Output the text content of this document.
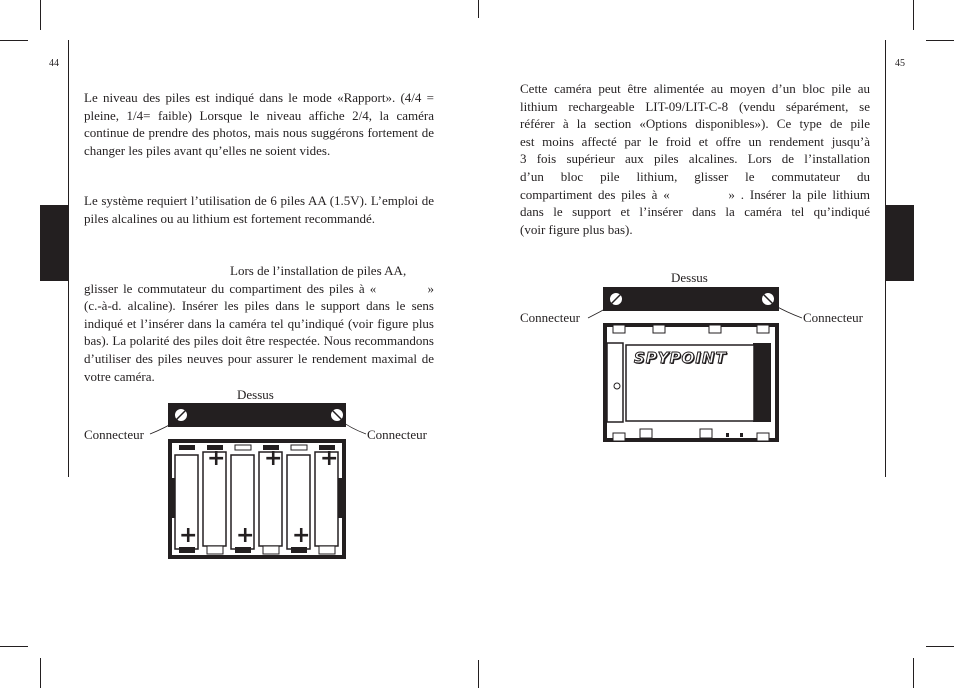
44	45

Le niveau des piles est indiqué dans le mode «Rapport». (4/4 = pleine, 1/4= faible) Lorsque le niveau affiche 2/4, la caméra continue de prendre des photos, mais nous suggérons fortement de changer les piles avant qu’elles ne soient vides.

Le système requiert l’utilisation de 6 piles AA (1.5V). L’emploi de piles alcalines ou au lithium est fortement recommandé.

Lors de l’installation de piles AA,

glisser le commutateur du compartiment des piles à «          »

(c.-à-d. alcaline). Insérer les piles dans le support dans le sens indiqué et l’insérer dans la caméra tel qu’indiqué (voir figure plus bas). La polarité des piles doit être respectée. Nous recommandons d’utiliser des piles neuves pour assurer le rendement maximal de votre caméra.

Dessus
Connecteur	Connecteur
+ + +
+ + +

Cette caméra peut être alimentée au moyen d’un bloc pile au

lithium rechargeable LIT-09/LIT-C-8 (vendu séparément, se

référer à la section «Options disponibles»). Ce type de pile

est moins affecté par le froid et offre un rendement jusqu’à

3 fois supérieur aux piles alcalines. Lors de l’installation

d’un bloc pile lithium, glisser le commutateur du

compartiment des piles à «          » . Insérer la pile lithium

dans le support et l’insérer dans la caméra tel qu’indiqué

(voir figure plus bas).

Dessus
Connecteur	Connecteur
SPYPOINT
